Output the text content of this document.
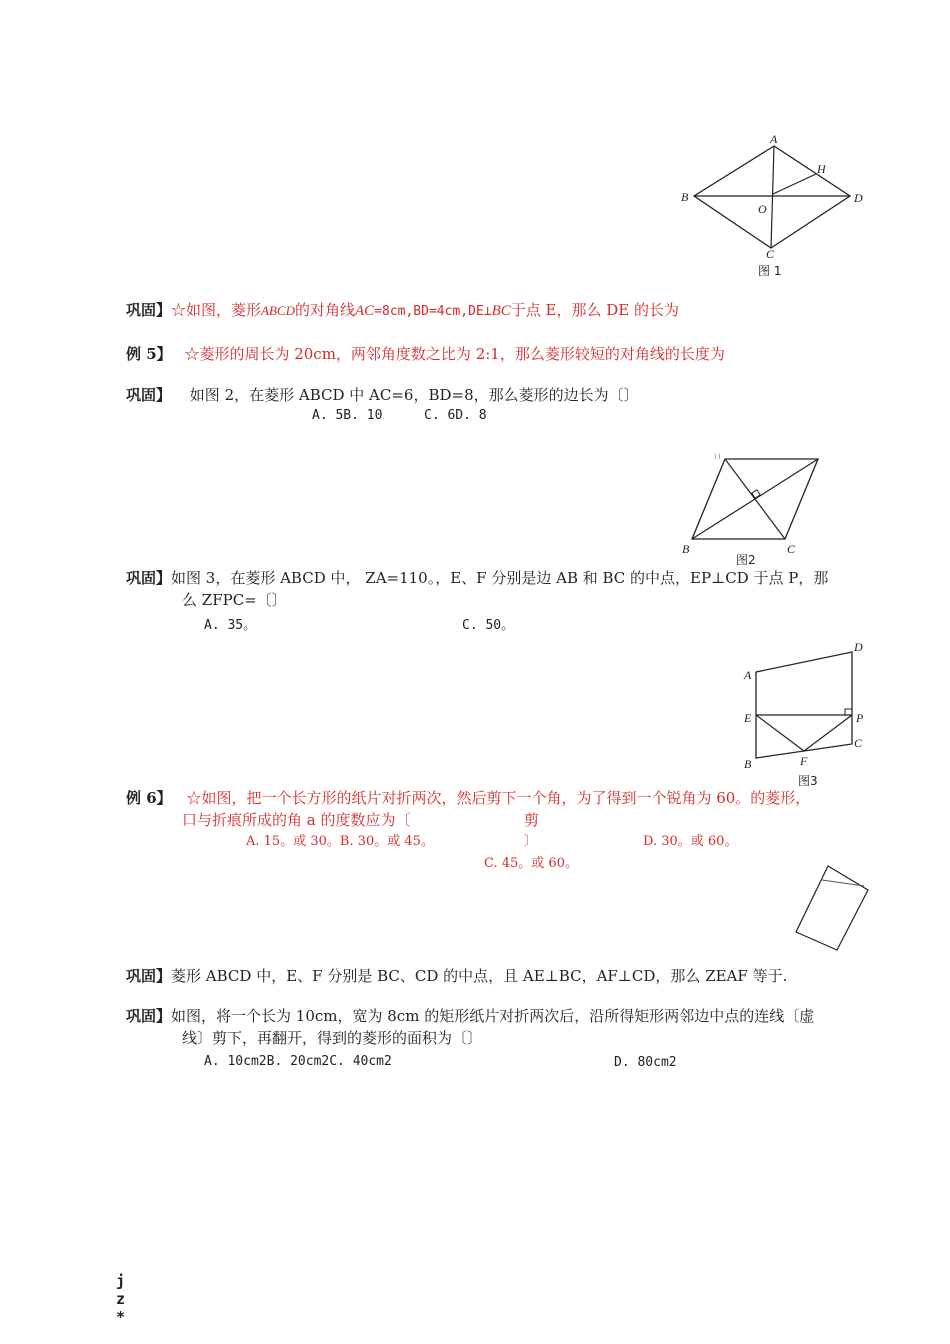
A
B	D
H
O
C
图 1
巩固】☆如图，菱形ABCD的对角线AC=8cm,BD=4cm,DE⊥BC于点 E，那么 DE 的长为
例 5】 ☆菱形的周长为 20cm，两邻角度数之比为 2:1，那么菱形较短的对角线的长度为
巩固】 如图 2，在菱形 ABCD 中 AC=6，BD=8，那么菱形的边长为〔〕
A. 5B. 10	C. 6D. 8
\ \
B	C
图2
巩固】如图 3，在菱形 ABCD 中， ZA=110。，E、F 分别是边 AB 和 BC 的中点，EP⊥CD 于点 P，那
么 ZFPC=〔〕
A. 35。	C. 50。
D
A
E	P
C
B	F
图3
例 6】 ☆如图，把一个长方形的纸片对折两次，然后剪下一个角，为了得到一个锐角为 60。的菱形，
口与折痕所成的角 a 的度数应为〔	剪
〕
A. 15。或 30。B. 30。或 45。	D. 30。或 60。
C. 45。或 60。
巩固】菱形 ABCD 中，E、F 分别是 BC、CD 的中点，且 AE⊥BC，AF⊥CD，那么 ZEAF 等于.
巩固】如图，将一个长为 10cm，宽为 8cm 的矩形纸片对折两次后，沿所得矩形两邻边中点的连线〔虚
线〕剪下，再翻开，得到的菱形的面积为〔〕
A. 10cm2B. 20cm2C. 40cm2	D. 80cm2
j
z
*
